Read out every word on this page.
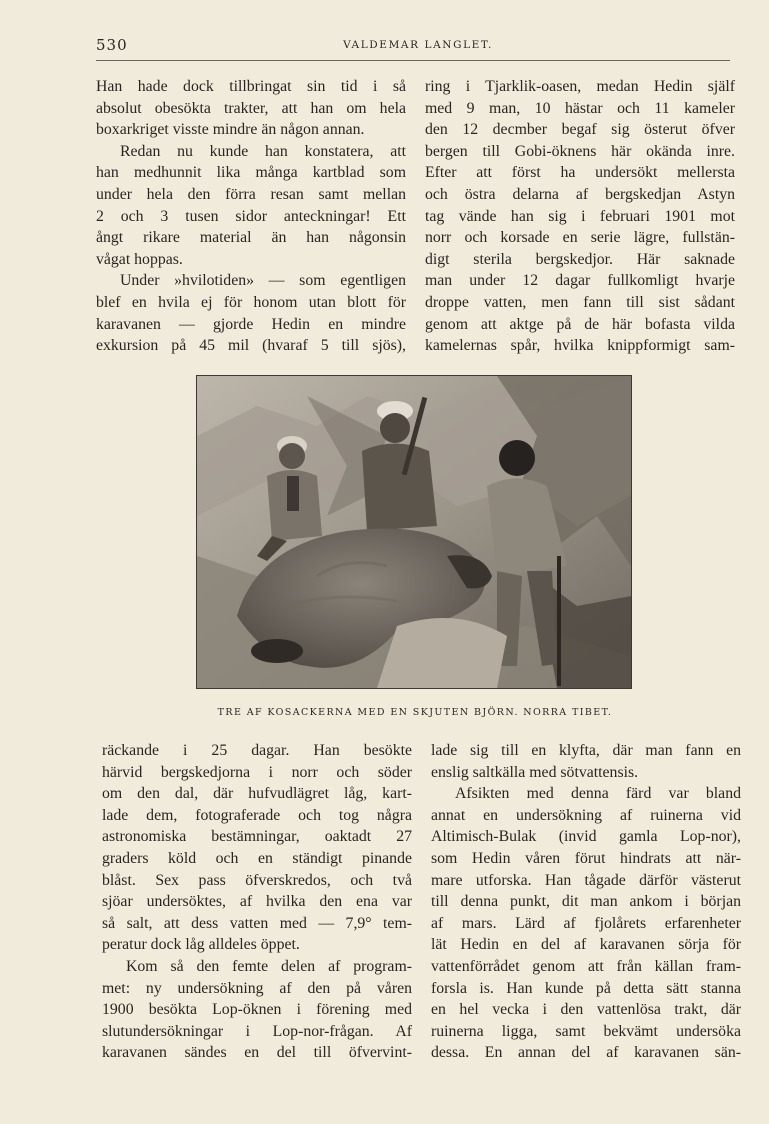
530	VALDEMAR LANGLET.

Han hade dock tillbringat sin tid i så
absolut obesökta trakter, att han om hela
boxarkriget visste mindre än någon annan.

Redan nu kunde han konstatera, att
han medhunnit lika många kartblad som
under hela den förra resan samt mellan
2 och 3 tusen sidor anteckningar! Ett
ångt rikare material än han någonsin
vågat hoppas.

Under »hvilotiden» — som egentligen
blef en hvila ej för honom utan blott för
karavanen — gjorde Hedin en mindre
exkursion på 45 mil (hvaraf 5 till sjös),

ring i Tjarklik-oasen, medan Hedin själf
med 9 man, 10 hästar och 11 kameler
den 12 decmber begaf sig österut öfver
bergen till Gobi-öknens här okända inre.
Efter att först ha undersökt mellersta
och östra delarna af bergskedjan Astyn
tag vände han sig i februari 1901 mot
norr och korsade en serie lägre, fullstän-
digt sterila bergskedjor. Här saknade
man under 12 dagar fullkomligt hvarje
droppe vatten, men fann till sist sådant
genom att aktge på de här bofasta vilda
kamelernas spår, hvilka knippformigt sam-

TRE AF KOSACKERNA MED EN SKJUTEN BJÖRN. NORRA TIBET.

räckande i 25 dagar. Han besökte
härvid bergskedjorna i norr och söder
om den dal, där hufvudlägret låg, kart-
lade dem, fotograferade och tog några
astronomiska bestämningar, oaktadt 27
graders köld och en ständigt pinande
blåst. Sex pass öfverskredos, och två
sjöar undersöktes, af hvilka den ena var
så salt, att dess vatten med — 7,9° tem-
peratur dock låg alldeles öppet.

Kom så den femte delen af program-
met: ny undersökning af den på våren
1900 besökta Lop-öknen i förening med
slutundersökningar i Lop-nor-frågan. Af
karavanen sändes en del till öfvervint-

lade sig till en klyfta, där man fann en
enslig saltkälla med sötvattensis.

Afsikten med denna färd var bland
annat en undersökning af ruinerna vid
Altimisch-Bulak (invid gamla Lop-nor),
som Hedin våren förut hindrats att när-
mare utforska. Han tågade därför västerut
till denna punkt, dit man ankom i början
af mars. Lärd af fjolårets erfarenheter
lät Hedin en del af karavanen sörja för
vattenförrådet genom att från källan fram-
forsla is. Han kunde på detta sätt stanna
en hel vecka i den vattenlösa trakt, där
ruinerna ligga, samt bekvämt undersöka
dessa. En annan del af karavanen sän-
